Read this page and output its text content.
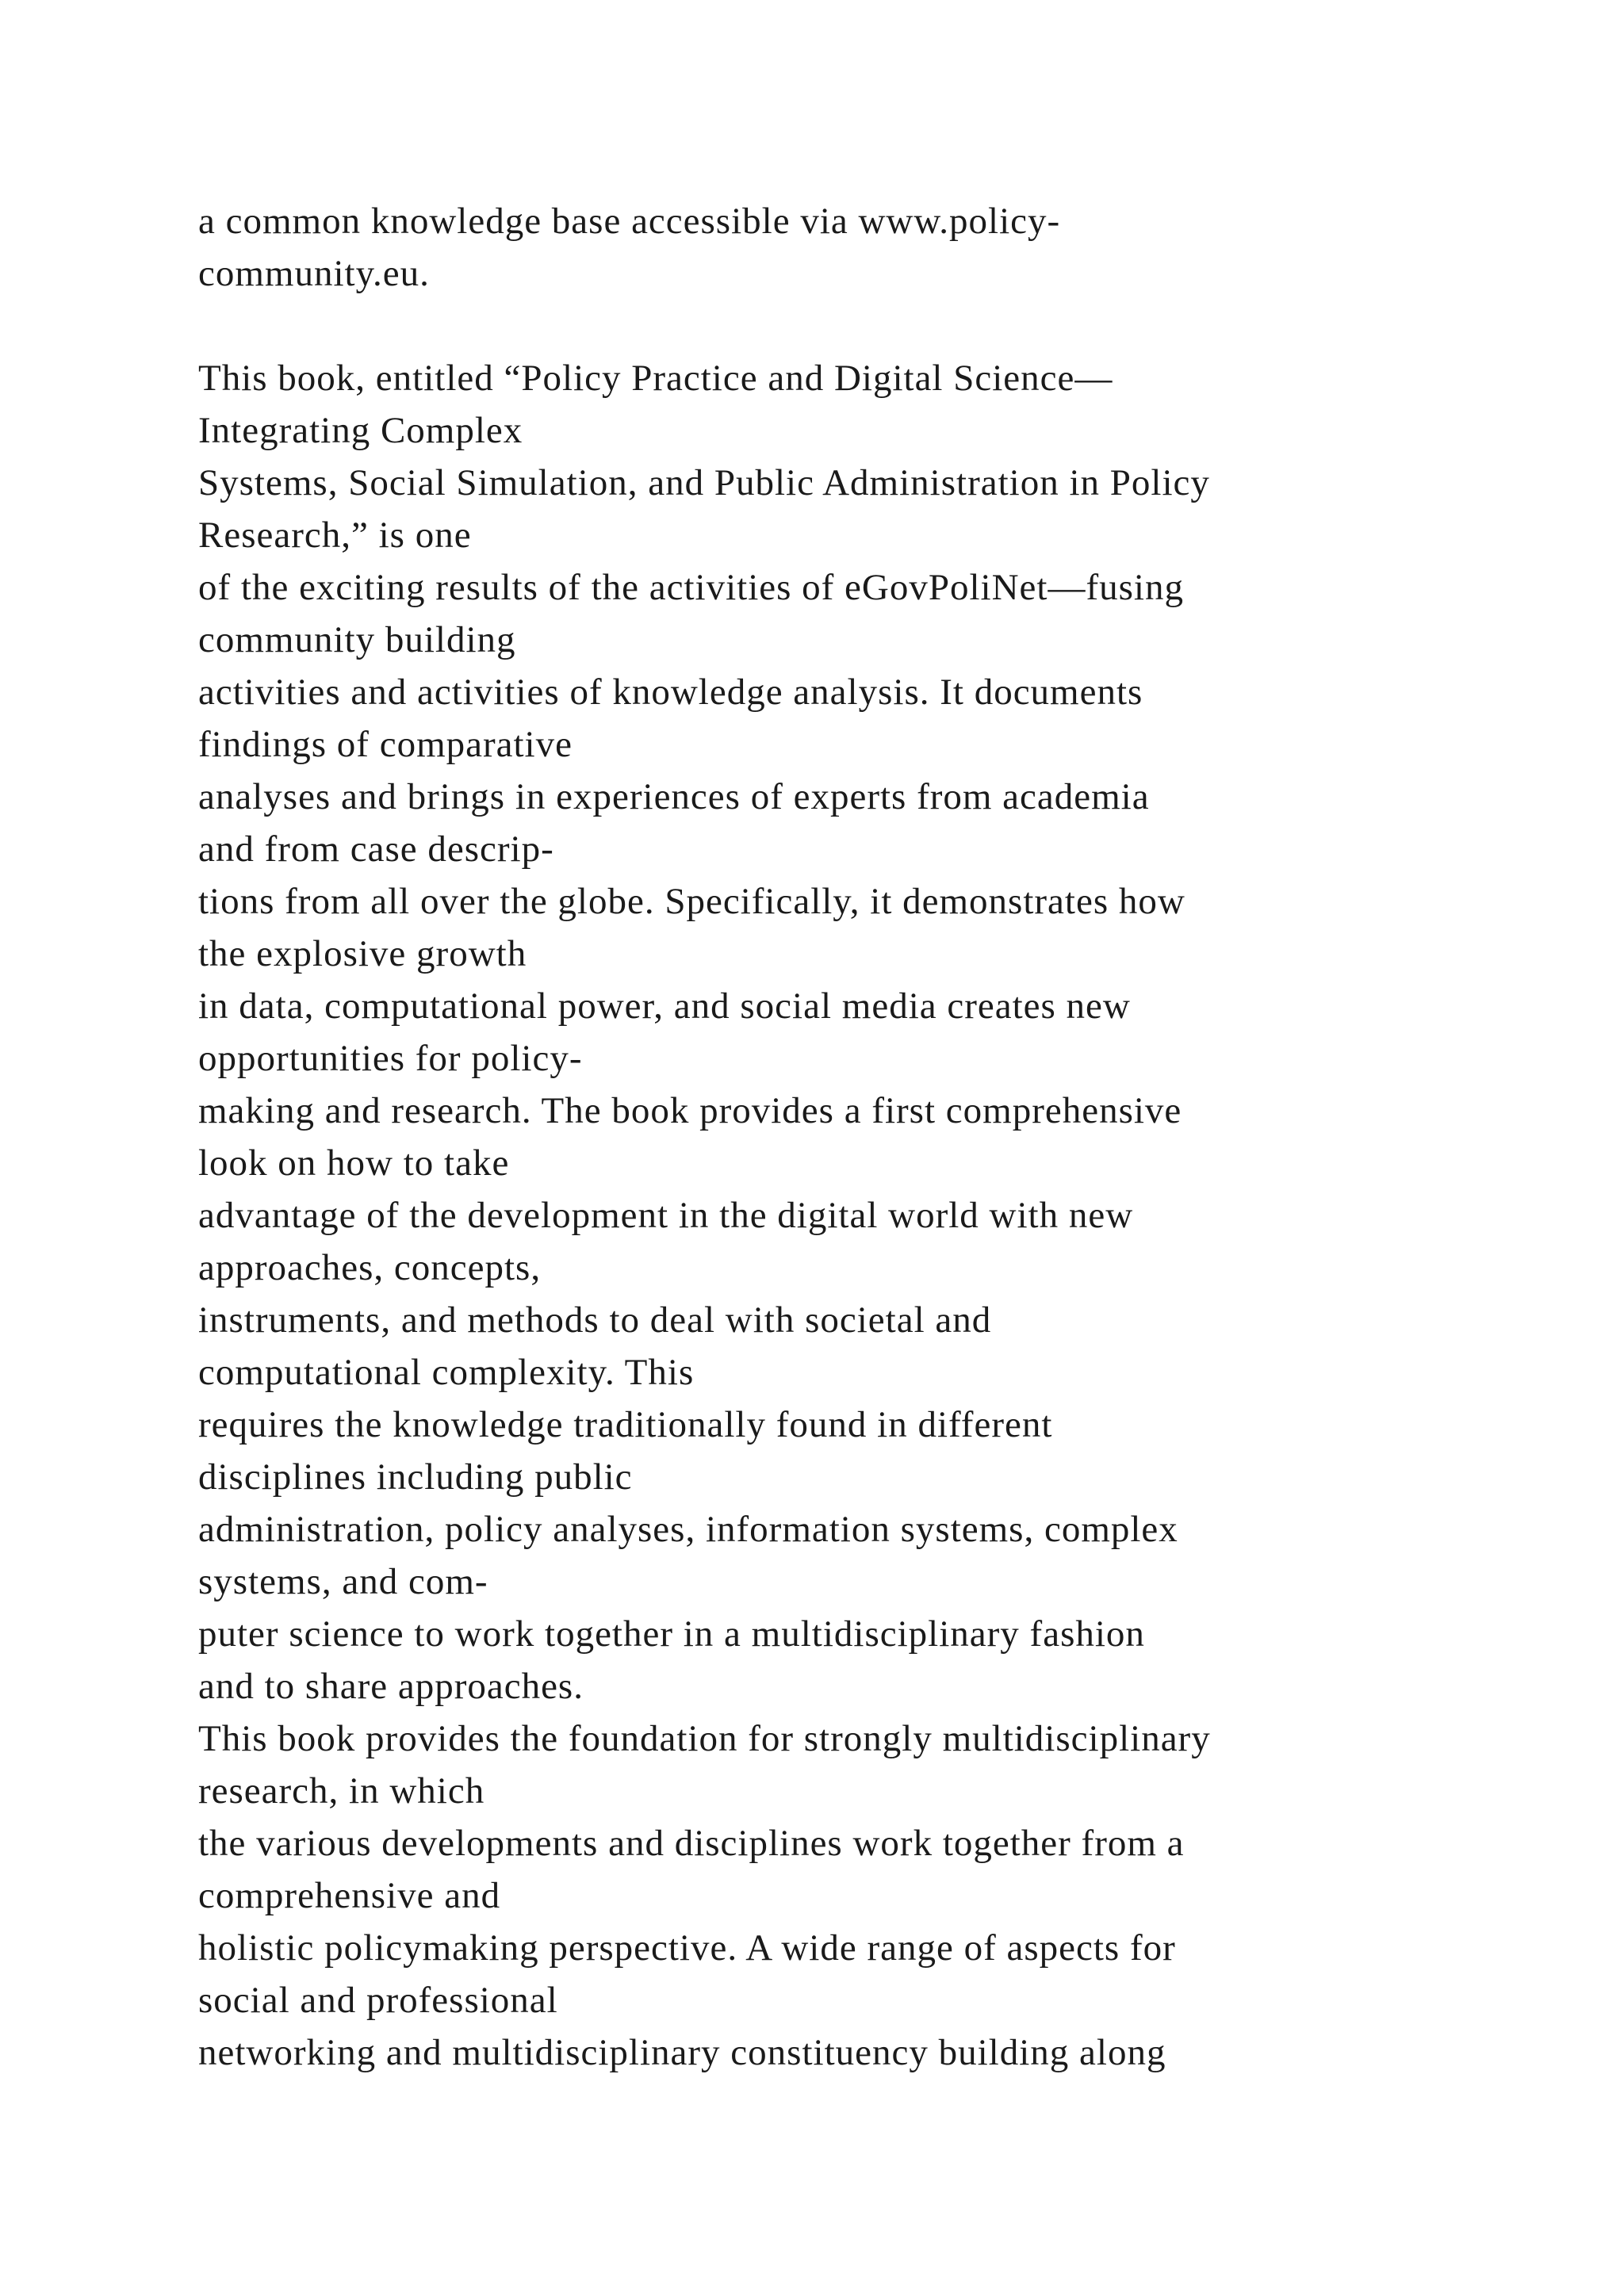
a common knowledge base accessible via www.policy-
community.eu.
This book, entitled “Policy Practice and Digital Science—
Integrating Complex
Systems, Social Simulation, and Public Administration in Policy
Research,” is one
of the exciting results of the activities of eGovPoliNet—fusing
community building
activities and activities of knowledge analysis. It documents
findings of comparative
analyses and brings in experiences of experts from academia
and from case descrip-
tions from all over the globe. Specifically, it demonstrates how
the explosive growth
in data, computational power, and social media creates new
opportunities for policy-
making and research. The book provides a first comprehensive
look on how to take
advantage of the development in the digital world with new
approaches, concepts,
instruments, and methods to deal with societal and
computational complexity. This
requires the knowledge traditionally found in different
disciplines including public
administration, policy analyses, information systems, complex
systems, and com-
puter science to work together in a multidisciplinary fashion
and to share approaches.
This book provides the foundation for strongly multidisciplinary
research, in which
the various developments and disciplines work together from a
comprehensive and
holistic policymaking perspective. A wide range of aspects for
social and professional
networking and multidisciplinary constituency building along
